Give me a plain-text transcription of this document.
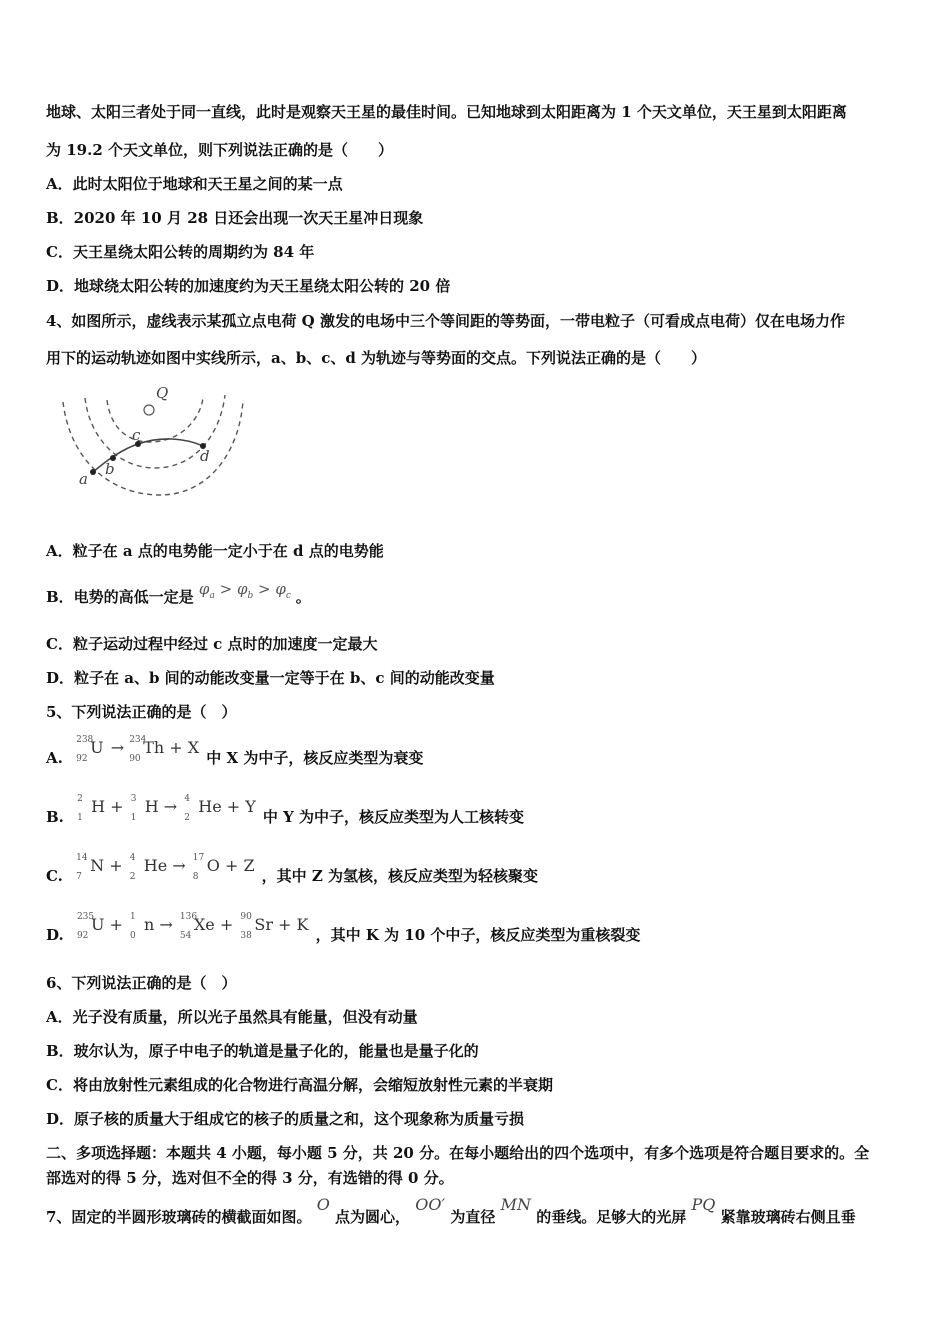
地球、太阳三者处于同一直线，此时是观察天王星的最佳时间。已知地球到太阳距离为 1 个天文单位，天王星到太阳距离
为 19.2 个天文单位，则下列说法正确的是（　　）
A．此时太阳位于地球和天王星之间的某一点
B．2020 年 10 月 28 日还会出现一次天王星冲日现象
C．天王星绕太阳公转的周期约为 84 年
D．地球绕太阳公转的加速度约为天王星绕太阳公转的 20 倍
4、如图所示，虚线表示某孤立点电荷 Q 激发的电场中三个等间距的等势面，一带电粒子（可看成点电荷）仅在电场力作
用下的运动轨迹如图中实线所示，a、b、c、d 为轨迹与等势面的交点。下列说法正确的是（　　）
Q
a
b
c
d
A．粒子在 a 点的电势能一定小于在 d 点的电势能
B．电势的高低一定是 $\varphi_a > \varphi_b > \varphi_c$ 。
C．粒子运动过程中经过 c 点时的加速度一定最大
D．粒子在 a、b 间的动能改变量一定等于在 b、c 间的动能改变量
5、下列说法正确的是（　）
A.
238
92
U → 234
90
Th + X 中 X 为中子，核反应类型为衰变
B.
2
1
H + 3
1
H → 4
2
He + Y 中 Y 为中子，核反应类型为人工核转变
C.
14
7
N + 4
2
He → 17
8
O + Z ，其中 Z 为氢核，核反应类型为轻核聚变
D.
235
92
U + 1
0
n → 136
54
Xe + 90
38
Sr + K ，其中 K 为 10 个中子，核反应类型为重核裂变
6、下列说法正确的是（　）
A．光子没有质量，所以光子虽然具有能量，但没有动量
B．玻尔认为，原子中电子的轨道是量子化的，能量也是量子化的
C．将由放射性元素组成的化合物进行高温分解，会缩短放射性元素的半衰期
D．原子核的质量大于组成它的核子的质量之和，这个现象称为质量亏损
二、多项选择题：本题共 4 小题，每小题 5 分，共 20 分。在每小题给出的四个选项中，有多个选项是符合题目要求的。全
部选对的得 5 分，选对但不全的得 3 分，有选错的得 0 分。
7、固定的半圆形玻璃砖的横截面如图。 O 点为圆心， OO′ 为直径 MN 的垂线。足够大的光屏 PQ 紧靠玻璃砖右侧且垂
